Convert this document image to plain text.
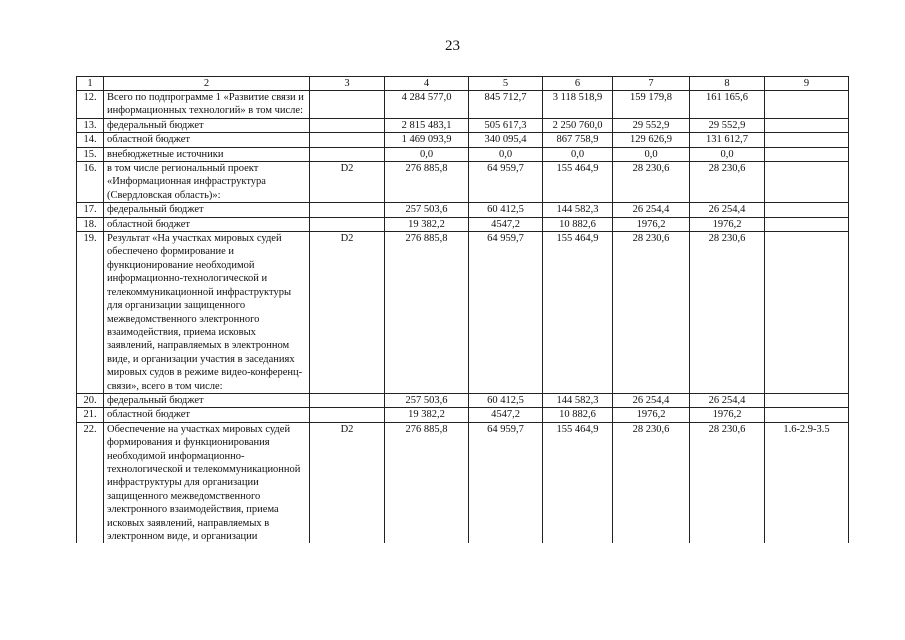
23
1	2	3	4	5	6	7	8	9
12.	Всего по подпрограмме 1 «Развитие связи и информационных технологий» в том числе:		4 284 577,0	845 712,7	3 118 518,9	159 179,8	161 165,6	
13.	федеральный бюджет		2 815 483,1	505 617,3	2 250 760,0	29 552,9	29 552,9	
14.	областной бюджет		1 469 093,9	340 095,4	867 758,9	129 626,9	131 612,7	
15.	внебюджетные источники		0,0	0,0	0,0	0,0	0,0	
16.	в том числе региональный проект «Информационная инфраструктура (Свердловская область)»:	D2	276 885,8	64 959,7	155 464,9	28 230,6	28 230,6	
17.	федеральный бюджет		257 503,6	60 412,5	144 582,3	26 254,4	26 254,4	
18.	областной бюджет		19 382,2	4547,2	10 882,6	1976,2	1976,2	
19.	Результат «На участках мировых судей обеспечено формирование и функционирование необходимой информационно-технологической и телекоммуникационной инфраструктуры для организации защищенного межведомственного электронного взаимодействия, приема исковых заявлений, направляемых в электронном виде, и организации участия в заседаниях мировых судов в режиме видео-конференц-связи», всего в том числе:	D2	276 885,8	64 959,7	155 464,9	28 230,6	28 230,6	
20.	федеральный бюджет		257 503,6	60 412,5	144 582,3	26 254,4	26 254,4	
21.	областной бюджет		19 382,2	4547,2	10 882,6	1976,2	1976,2	
22.	Обеспечение на участках мировых судей формирования и функционирования необходимой информационно-технологической и телекоммуникационной инфраструктуры для организации защищенного межведомственного электронного взаимодействия, приема исковых заявлений, направляемых в электронном виде, и организации	D2	276 885,8	64 959,7	155 464,9	28 230,6	28 230,6	1.6-2.9-3.5
